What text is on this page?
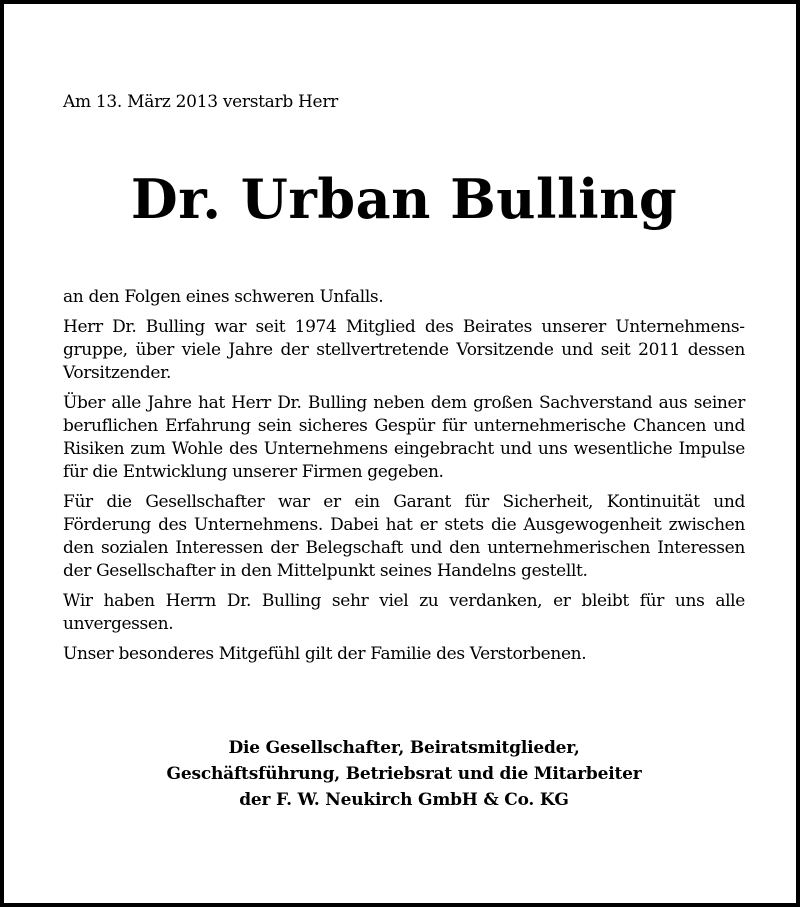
Am 13. März 2013 verstarb Herr
Dr. Urban Bulling

an den Folgen eines schweren Unfalls.

Herr Dr. Bulling war seit 1974 Mitglied des Beirates unserer Unternehmensgruppe, über viele Jahre der stellvertretende Vorsitzende und seit 2011 dessen Vorsitzender.

Über alle Jahre hat Herr Dr. Bulling neben dem großen Sachverstand aus seiner beruflichen Erfahrung sein sicheres Gespür für unternehmerische Chancen und Risiken zum Wohle des Unternehmens eingebracht und uns wesentliche Impulse für die Entwicklung unserer Firmen gegeben.

Für die Gesellschafter war er ein Garant für Sicherheit, Kontinuität und Förderung des Unternehmens. Dabei hat er stets die Ausgewogenheit zwischen den sozialen Interessen der Belegschaft und den unternehmerischen Interessen der Gesellschafter in den Mittelpunkt seines Handelns gestellt.

Wir haben Herrn Dr. Bulling sehr viel zu verdanken, er bleibt für uns alle unvergessen.

Unser besonderes Mitgefühl gilt der Familie des Verstorbenen.

Die Gesellschafter, Beiratsmitglieder,
Geschäftsführung, Betriebsrat und die Mitarbeiter
der F. W. Neukirch GmbH & Co. KG
